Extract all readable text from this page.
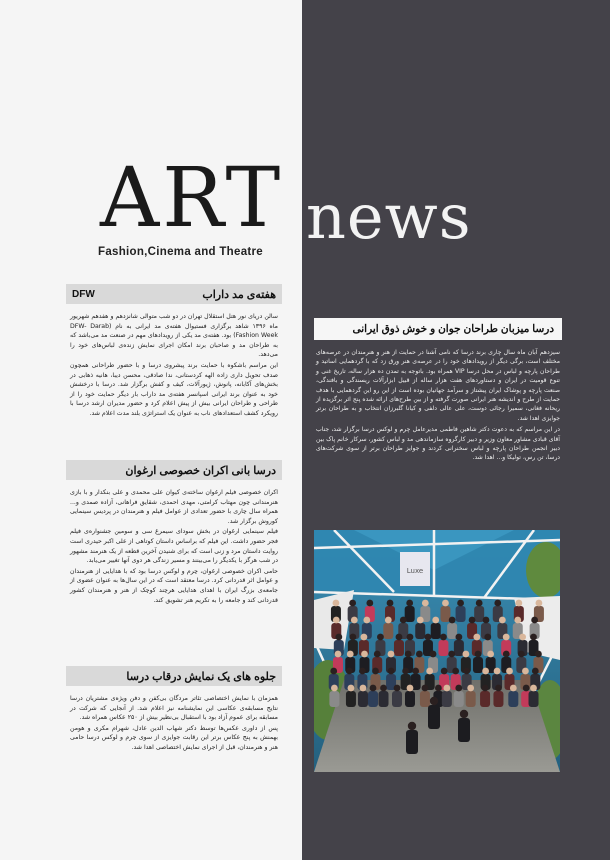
ART news
Fashion,Cinema and Theatre
هفته‌ی مد داراب
DFW

سالن دریای نور هتل استقلال تهران در دو شب متوالی شانزدهم و هفدهم شهریور ماه ۱۳۹۶ شاهد برگزاری فستیوال هفته‌ی مد ایرانی به نام (DFW- Darab Fashion Week) بود. هفته‌ی مد یکی از رویدادهای مهم در صنعت مد می‌باشد که به طراحان مد و صاحبان برند امکان اجرای نمایش زنده‌ی لباس‌های خود را می‌دهد.

این مراسم باشکوه با حمایت برند پیشروی درسا و با حضور طراحانی همچون صدف تحویل داری زاده الهه کردستانی، ندا صادقی، محسن دیبا، هانیه ذهابی در بخش‌های آکابانه، پانوش، ژیورآلات، کیف و کفش برگزار شد. درسا با درخشش خود به عنوان برند ایرانی اسپانسر هفته‌ی مد داراب بار دیگر حمایت خود را از طراحی و طراحان ایرانی بیش از پیش اعلام کرد و حضور مدیران ارشد درسا با رویکرد کشف استعدادهای ناب به عنوان یک استراتژی بلند مدت اعلام شد.

درسا بانی اکران خصوصی ارغوان

اکران خصوصی فیلم ارغوان ساخته‌ی کیوان علی محمدی و علی بنکدار و با بازی هنرمندانی چون مهتاب کرامتی، مهدی احمدی، شقایق فراهانی، آزاده صمدی و... همراه سال چاری با حضور تعدادی از عوامل فیلم و هنرمندان در پردیس سینمایی کوروش برگزار شد.

فیلم سینمایی ارغوان در بخش سودای سیمرغ سی و سومین جشنواره‌ی فیلم فجر حضور داشت. این فیلم که براساس داستان کوتاهی از علی اکبر حیدری است روایت داستان مرد و زنی است که برای شنیدن آخرین قطعه از یک هنرمند مشهور در شب هرگز با یکدیگر را می‌بینند و مسیر زندگی هر دوی آنها تغییر می‌یابد.

حامی اکران خصوصی ارغوان، چرم و لوکس درسا بود که با هدایایی از هنرمندان و عوامل اثر قدردانی کرد. درسا معتقد است که در این سال‌ها به عنوان عضوی از جامعه‌ی بزرگ ایران با اهدای هدایایی هرچند کوچک از هنر و هنرمندان کشور قدردانی کند و جامعه را به تکریم هنر تشویق کند.

جلوه های یک نمایش درقاب درسا

همزمان با نمایش اختصاصی تئاتر مردگان بی‌کفن و دفن ویژه‌ی مشتریان درسا نتایج مسابقه‌ی عکاسی این نمایشنامه نیز اعلام شد. از آنجایی که شرکت در مسابقه برای عموم آزاد بود با استقبال بی‌نظیر بیش از ۲۵۰ عکاس همراه شد.

پس از داوری عکس‌ها توسط دکتر شهاب الدین عادل، شهرام مکری و هومن بهمنش به پنج عکاس برتر این رقابت جوایزی از سوی چرم و لوکس درسا حامی هنر و هنرمندان، قبل از اجرای نمایش اختصاصی اهدا شد.

درسا میزبان طراحان جوان و خوش ذوق ایرانی

سیزدهم آبان ماه سال چاری برند درسا که نامی آشنا در حمایت از هنر و هنرمندان در عرصه‌های مختلف است، برگی دیگر از رویدادهای خود را در عرصه‌ی هنر ورق زد که با گردهمایی اساتید و طراحان پارچه و لباس در محل درسا VIP همراه بود. باتوجه به تمدن ده هزار ساله، تاریخ غنی و تنوع قومیت در ایران و دستاوردهای هفت هزار ساله از قبیل ابزارآلات ریسندگی و بافندگی، صنعت پارچه و پوشاک ایران پیشتاز و سرآمد جهانیان بوده است از این رو این گردهمایی با هدف حمایت از طرح و اندیشه هنر ایرانی صورت گرفته و از بین طرح‌های ارائه شده پنج اثر برگزیده از ریحانه فغانی، سمیرا رجائی دوست، علی عالی دلفی و کیانا گلبرزان انتخاب و به طراحان برتر جوایزی اهدا شد.

در این مراسم که به دعوت دکتر شاهین فاطمی مدیرعامل چرم و لوکس درسا برگزار شد، جناب آقای قبادی مشاور معاون وزیر و دبیر کارگروه سازماندهی مد و لباس کشور، سرکار خانم پاک بین دبیر انجمن طراحان پارچه و لباس سخنرانی کردند و جوایز طراحان برتر از سوی شرکت‌های درسا، تن رس، تولیکا و... اهدا شد.

Luxe
